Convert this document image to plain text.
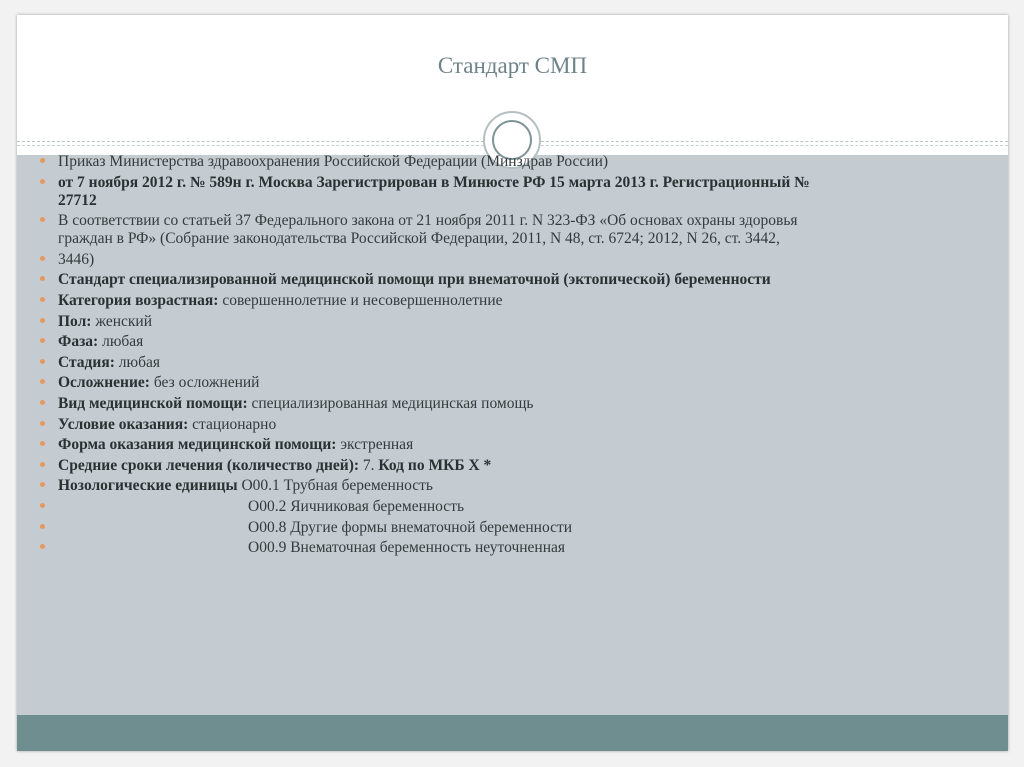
Стандарт СМП
Приказ Министерства здравоохранения Российской Федерации (Минздрав России)
от 7 ноября 2012 г. № 589н г. Москва Зарегистрирован в Минюсте РФ 15 марта 2013 г. Регистрационный № 27712
В соответствии со статьей 37 Федерального закона от 21 ноября 2011 г. N 323-ФЗ «Об основах охраны здоровья граждан в РФ» (Собрание законодательства Российской Федерации, 2011, N 48, ст. 6724; 2012, N 26, ст. 3442,
3446)
Стандарт специализированной медицинской помощи при внематочной (эктопической) беременности
Категория возрастная: совершеннолетние и несовершеннолетние
Пол: женский
Фаза: любая
Стадия: любая
Осложнение: без осложнений
Вид медицинской помощи: специализированная медицинская помощь
Условие оказания: стационарно
Форма оказания медицинской помощи: экстренная
Средние сроки лечения (количество дней): 7. Код по МКБ X *
Нозологические единицы O00.1 Трубная беременность
O00.2 Яичниковая беременность
O00.8 Другие формы внематочной беременности
O00.9 Внематочная беременность неуточненная
